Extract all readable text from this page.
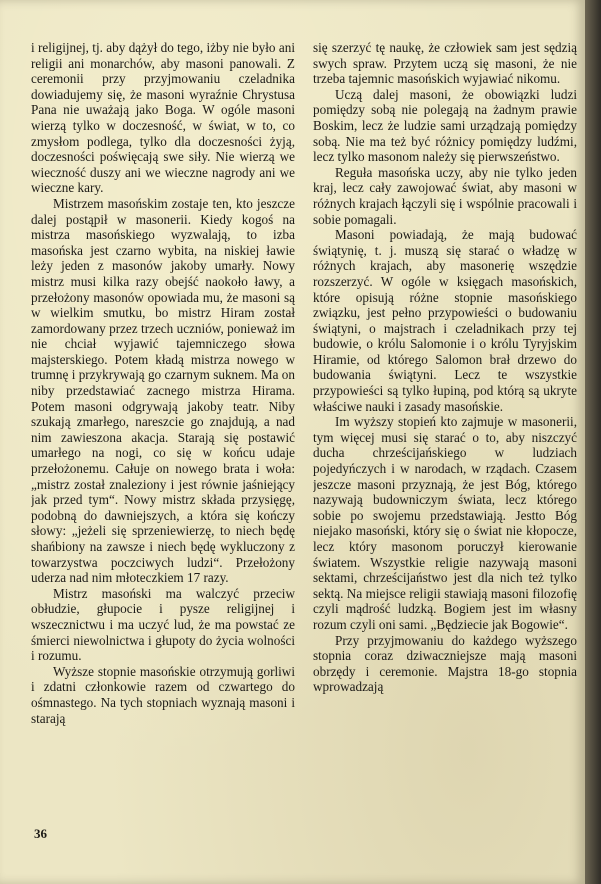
i religijnej, tj. aby dążył do tego, iżby nie było ani religii ani monarchów, aby masoni panowali. Z ceremonii przy przyjmowaniu czeladnika dowiadujemy się, że masoni wyraźnie Chrystusa Pana nie uważają jako Boga. W ogóle masoni wierzą tylko w doczesność, w świat, w to, co zmysłom podlega, tylko dla doczesności żyją, doczesności poświęcają swe siły. Nie wierzą we wieczność duszy ani we wieczne nagrody ani we wieczne kary.

Mistrzem masońskim zostaje ten, kto jeszcze dalej postąpił w masonerii. Kiedy kogoś na mistrza masońskiego wyzwalają, to izba masońska jest czarno wybita, na niskiej ławie leży jeden z masonów jakoby umarły. Nowy mistrz musi kilka razy obejść naokoło ławy, a przełożony masonów opowiada mu, że masoni są w wielkim smutku, bo mistrz Hiram został zamordowany przez trzech uczniów, ponieważ im nie chciał wyjawić tajemniczego słowa majsterskiego. Potem kładą mistrza nowego w trumnę i przykrywają go czarnym suknem. Ma on niby przedstawiać zacnego mistrza Hirama. Potem masoni odgrywają jakoby teatr. Niby szukają zmarłego, nareszcie go znajdują, a nad nim zawieszona akacja. Starają się postawić umarłego na nogi, co się w końcu udaje przełożonemu. Całuje on nowego brata i woła: „mistrz został znaleziony i jest równie jaśniejący jak przed tym“. Nowy mistrz składa przysięgę, podobną do dawniejszych, a która się kończy słowy: „jeżeli się sprzeniewierzę, to niech będę shańbiony na zawsze i niech będę wykluczony z towarzystwa poczciwych ludzi“. Przełożony uderza nad nim młoteczkiem 17 razy.

Mistrz masoński ma walczyć przeciw obłudzie, głupocie i pysze religijnej i wszecznictwu i ma uczyć lud, że ma powstać ze śmierci niewolnictwa i głupoty do życia wolności i rozumu.

Wyższe stopnie masońskie otrzymują gorliwi i zdatni członkowie razem od czwartego do ośmnastego. Na tych stopniach wyznają masoni i starają

się szerzyć tę naukę, że człowiek sam jest sędzią swych spraw. Przytem uczą się masoni, że nie trzeba tajemnic masońskich wyjawiać nikomu.

Uczą dalej masoni, że obowiązki ludzi pomiędzy sobą nie polegają na żadnym prawie Boskim, lecz że ludzie sami urządzają pomiędzy sobą. Nie ma też być różnicy pomiędzy ludźmi, lecz tylko masonom należy się pierwszeństwo.

Reguła masońska uczy, aby nie tylko jeden kraj, lecz cały zawojować świat, aby masoni w różnych krajach łączyli się i wspólnie pracowali i sobie pomagali.

Masoni powiadają, że mają budować świątynię, t. j. muszą się starać o władzę w różnych krajach, aby masonerię wszędzie rozszerzyć. W ogóle w księgach masońskich, które opisują różne stopnie masońskiego związku, jest pełno przypowieści o budowaniu świątyni, o majstrach i czeladnikach przy tej budowie, o królu Salomonie i o królu Tyryjskim Hiramie, od którego Salomon brał drzewo do budowania świątyni. Lecz te wszystkie przypowieści są tylko łupiną, pod którą są ukryte właściwe nauki i zasady masońskie.

Im wyższy stopień kto zajmuje w masonerii, tym więcej musi się starać o to, aby niszczyć ducha chrześcijańskiego w ludziach pojedyńczych i w narodach, w rządach. Czasem jeszcze masoni przyznają, że jest Bóg, którego nazywają budowniczym świata, lecz którego sobie po swojemu przedstawiają. Jestto Bóg niejako masoński, który się o świat nie kłopocze, lecz który masonom poruczył kierowanie światem. Wszystkie religie nazywają masoni sektami, chrześcijaństwo jest dla nich też tylko sektą. Na miejsce religii stawiają masoni filozofię czyli mądrość ludzką. Bogiem jest im własny rozum czyli oni sami. „Będziecie jak Bogowie“.

Przy przyjmowaniu do każdego wyższego stopnia coraz dziwaczniejsze mają masoni obrzędy i ceremonie. Majstra 18-go stopnia wprowadzają

36
